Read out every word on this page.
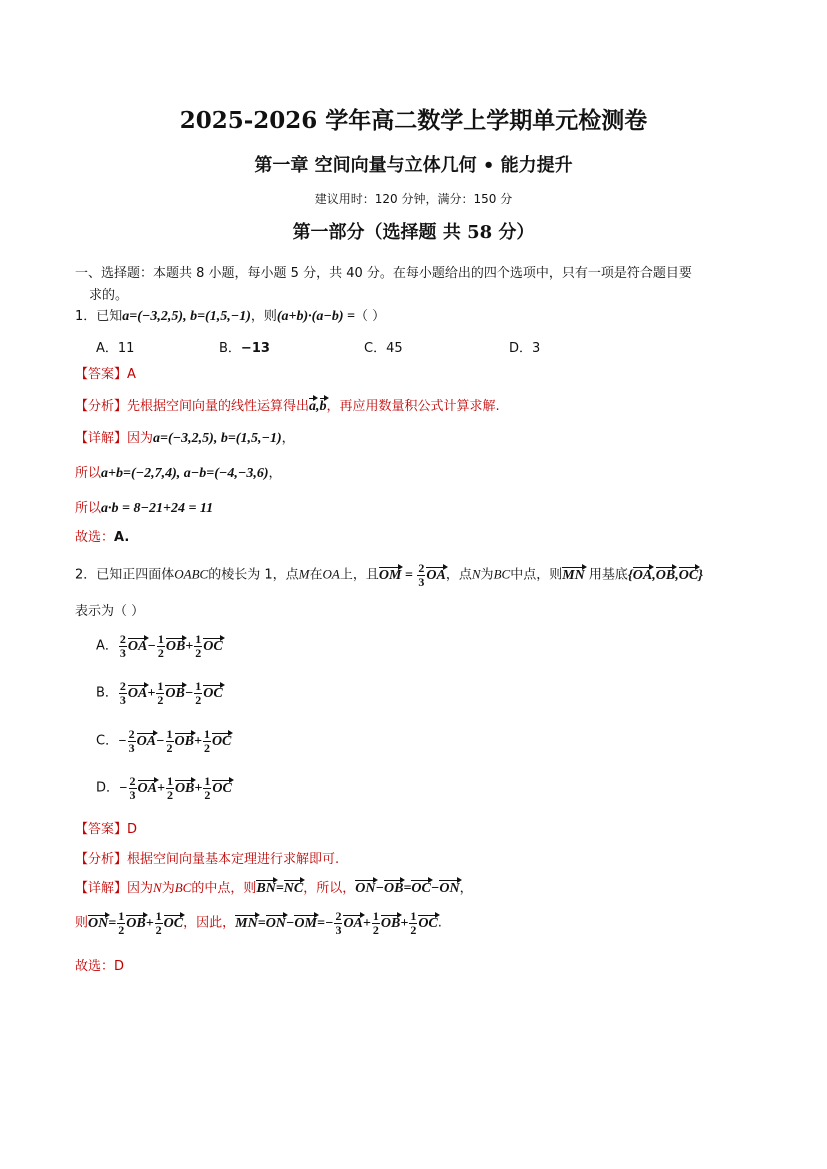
2025-2026 学年高二数学上学期单元检测卷
第一章 空间向量与立体几何 • 能力提升
建议用时：120 分钟，满分：150 分
第一部分（选择题 共 58 分）
一、选择题：本题共 8 小题，每小题 5 分，共 40 分。在每小题给出的四个选项中，只有一项是符合题目要
求的。
1．已知a=(−3,2,5), b=(1,5,−1)，则(a+b)·(a−b) =（ ）
A．11	B．−13	C．45	D．3
【答案】A
【分析】先根据空间向量的线性运算得出a,b，再应用数量积公式计算求解.
【详解】因为a=(−3,2,5), b=(1,5,−1)，
所以a+b=(−2,7,4), a−b=(−4,−3,6)，
所以a·b = 8−21+24 = 11
故选：A.
2．已知正四面体OABC的棱长为 1，点M在OA上，且OM = $\frac{2}{3}$ OA，点N为BC中点，则MN 用基底{OA,OB,OC}
表示为（ ）
A． $\frac{2}{3} OA- \frac{1}{2} OB+ \frac{1}{2}$ OC
B． $\frac{2}{3} OA+ \frac{1}{2} OB- \frac{1}{2}$ OC
C．− $\frac{2}{3} OA- \frac{1}{2} OB+ \frac{1}{2}$ OC
D．− $\frac{2}{3} OA+ \frac{1}{2} OB+ \frac{1}{2}$ OC
【答案】D
【分析】根据空间向量基本定理进行求解即可.
【详解】因为N为BC的中点，则BN=NC，所以，ON−OB=OC−ON，
则$ON= \frac{1}{2} OB+ \frac{1}{2}$ OC，因此，$MN=ON-OM=- \frac{2}{3} OA+ \frac{1}{2} OB+ \frac{1}{2}$ OC.
故选：D
